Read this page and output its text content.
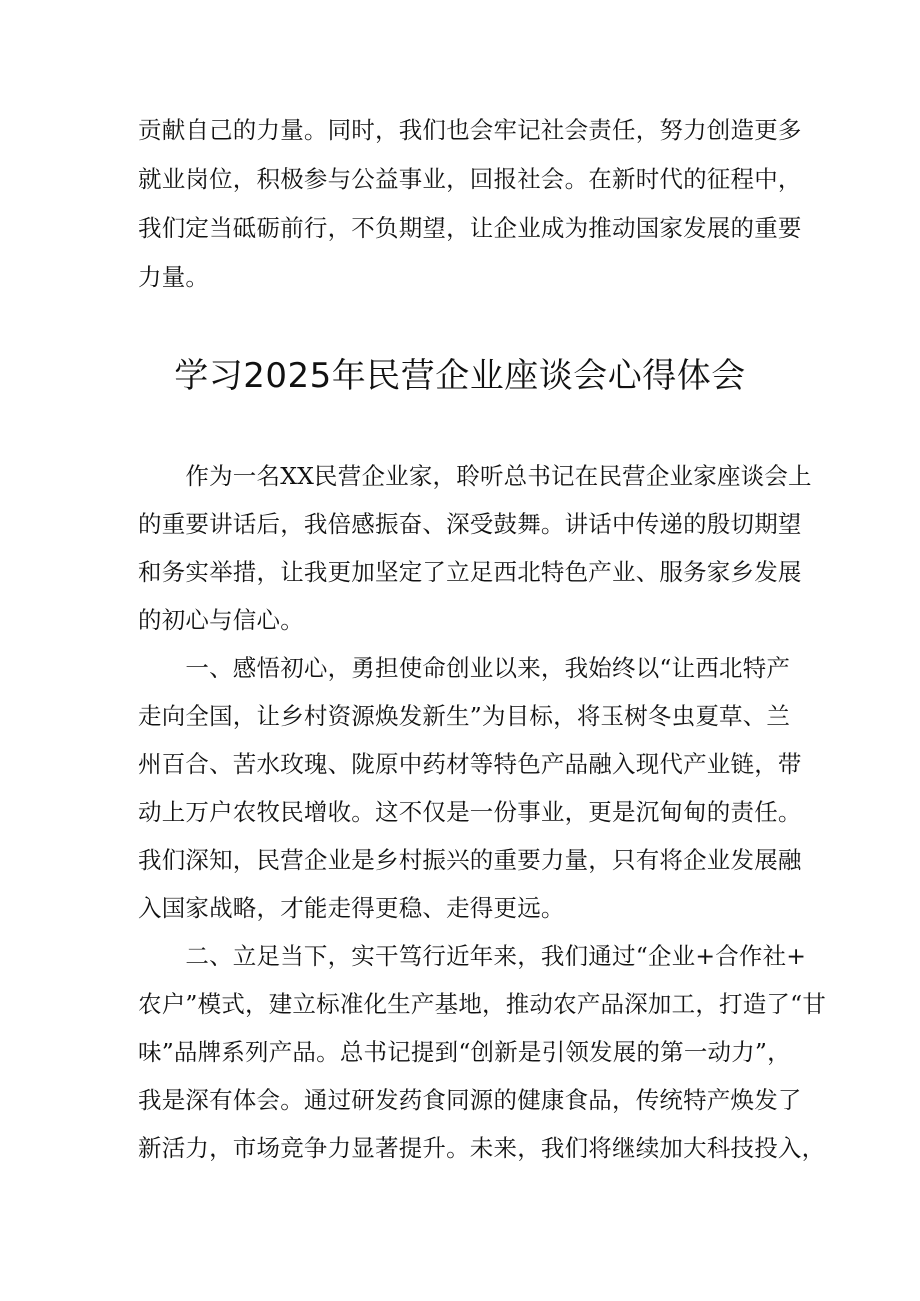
贡献自己的力量。同时，我们也会牢记社会责任，努力创造更多
就业岗位，积极参与公益事业，回报社会。在新时代的征程中，
我们定当砥砺前行，不负期望，让企业成为推动国家发展的重要
力量。
学习2025年民营企业座谈会心得体会
　　作为一名XX民营企业家，聆听总书记在民营企业家座谈会上
的重要讲话后，我倍感振奋、深受鼓舞。讲话中传递的殷切期望
和务实举措，让我更加坚定了立足西北特色产业、服务家乡发展
的初心与信心。
　　一、感悟初心，勇担使命创业以来，我始终以“让西北特产
走向全国，让乡村资源焕发新生”为目标，将玉树冬虫夏草、兰
州百合、苦水玫瑰、陇原中药材等特色产品融入现代产业链，带
动上万户农牧民增收。这不仅是一份事业，更是沉甸甸的责任。
我们深知，民营企业是乡村振兴的重要力量，只有将企业发展融
入国家战略，才能走得更稳、走得更远。
　　二、立足当下，实干笃行近年来，我们通过“企业+合作社+
农户”模式，建立标准化生产基地，推动农产品深加工，打造了“甘
味”品牌系列产品。总书记提到“创新是引领发展的第一动力”，
我是深有体会。通过研发药食同源的健康食品，传统特产焕发了
新活力，市场竞争力显著提升。未来，我们将继续加大科技投入，
